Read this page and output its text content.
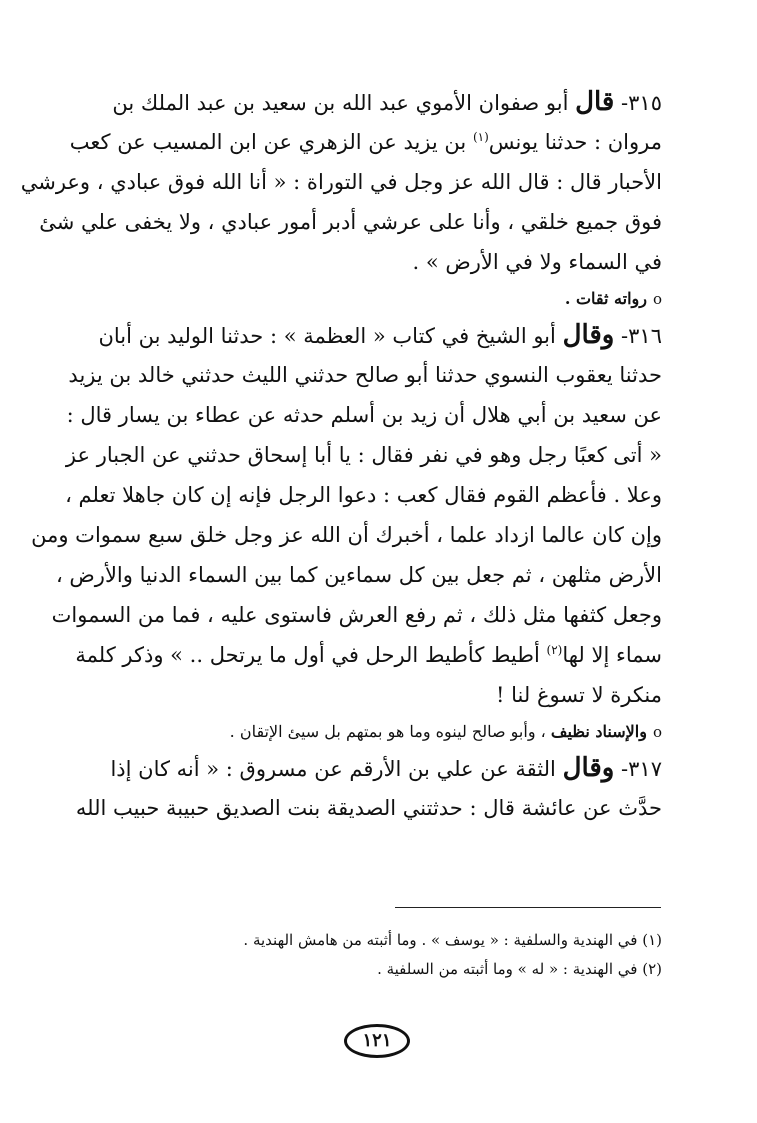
٣١٥- قال أبو صفوان الأموي عبد الله بن سعيد بن عبد الملك بن
مروان : حدثنا يونس$^{(١)}$ بن يزيد عن الزهري عن ابن المسيب عن كعب
الأحبار قال : قال الله عز وجل في التوراة : « أنا الله فوق عبادي ، وعرشي
فوق جميع خلقي ، وأنا على عرشي أدبر أمور عبادي ، ولا يخفى علي شئ
في السماء ولا في الأرض » .
oرواته ثقات .
٣١٦- وقال أبو الشيخ في كتاب « العظمة » : حدثنا الوليد بن أبان
حدثنا يعقوب النسوي حدثنا أبو صالح حدثني الليث حدثني خالد بن يزيد
عن سعيد بن أبي هلال أن زيد بن أسلم حدثه عن عطاء بن يسار قال :
« أتى كعبًا رجل وهو في نفر فقال : يا أبا إسحاق حدثني عن الجبار عز
وعلا . فأعظم القوم فقال كعب : دعوا الرجل فإنه إن كان جاهلا تعلم ،
وإن كان عالما ازداد علما ، أخبرك أن الله عز وجل خلق سبع سموات ومن
الأرض مثلهن ، ثم جعل بين كل سماءين كما بين السماء الدنيا والأرض ،
وجعل كثفها مثل ذلك ، ثم رفع العرش فاستوى عليه ، فما من السموات
سماء إلا لها$^{(٢)}$ أطيط كأطيط الرحل في أول ما يرتحل .. » وذكر كلمة
منكرة لا تسوغ لنا !
oوالإسناد نظيف ، وأبو صالح لينوه وما هو بمتهم بل سيئ الإتقان .
٣١٧- وقال الثقة عن علي بن الأرقم عن مسروق : « أنه كان إذا
حدَّث عن عائشة قال : حدثتني الصديقة بنت الصديق حبيبة حبيب الله
(١) في الهندية والسلفية : « يوسف » . وما أثبته من هامش الهندية .
(٢) في الهندية : « له » وما أثبته من السلفية .
١٢١
